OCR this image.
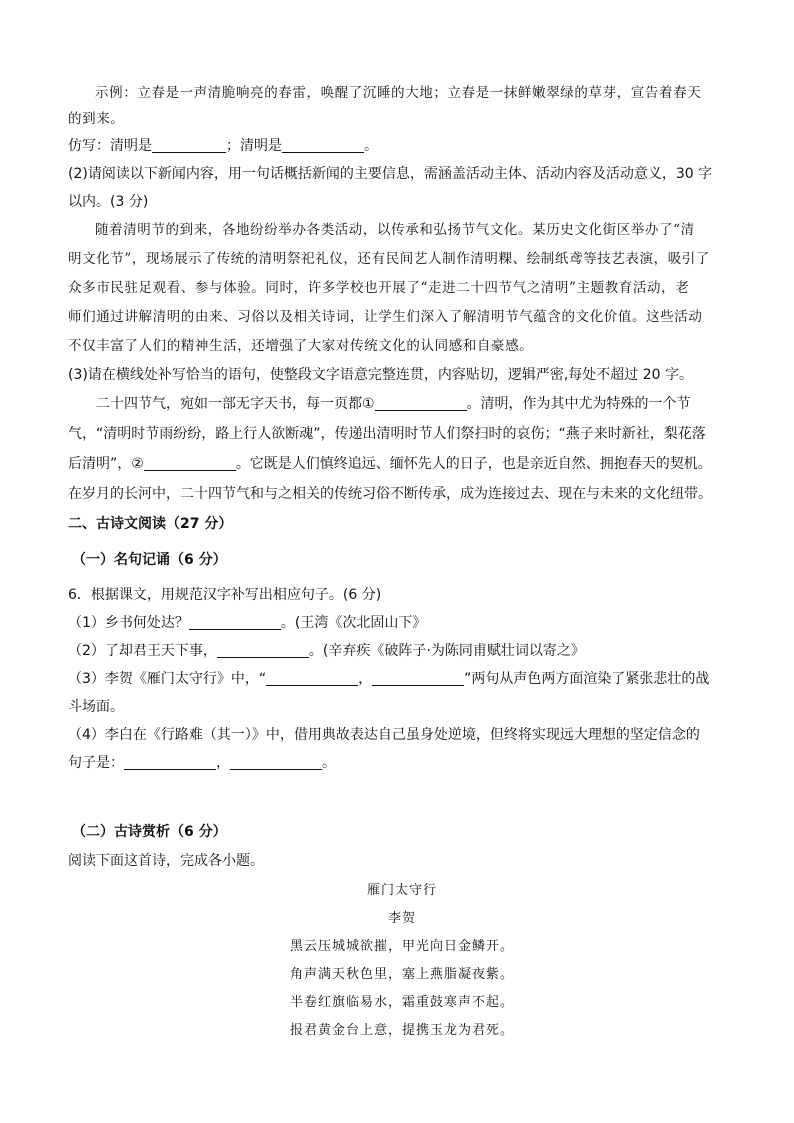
示例：立春是一声清脆响亮的春雷，唤醒了沉睡的大地；立春是一抹鲜嫩翠绿的草芽，宣告着春天

的到来。

仿写：清明是	；清明是	。

(2)请阅读以下新闻内容，用一句话概括新闻的主要信息，需涵盖活动主体、活动内容及活动意义，30 字

以内。(3 分)

随着清明节的到来，各地纷纷举办各类活动，以传承和弘扬节气文化。某历史文化街区举办了“清

明文化节”，现场展示了传统的清明祭祀礼仪，还有民间艺人制作清明粿、绘制纸鸢等技艺表演，吸引了

众多市民驻足观看、参与体验。同时，许多学校也开展了“走进二十四节气之清明”主题教育活动，老

师们通过讲解清明的由来、习俗以及相关诗词，让学生们深入了解清明节气蕴含的文化价值。这些活动

不仅丰富了人们的精神生活，还增强了大家对传统文化的认同感和自豪感。

(3)请在横线处补写恰当的语句，使整段文字语意完整连贯，内容贴切，逻辑严密,每处不超过 20 字。

二十四节气，宛如一部无字天书，每一页都①	。清明，作为其中尤为特殊的一个节

气，“清明时节雨纷纷，路上行人欲断魂”，传递出清明时节人们祭扫时的哀伤；“燕子来时新社，梨花落

后清明”，②	。它既是人们慎终追远、缅怀先人的日子，也是亲近自然、拥抱春天的契机。

在岁月的长河中，二十四节气和与之相关的传统习俗不断传承，成为连接过去、现在与未来的文化纽带。

二、古诗文阅读（27 分）

（一）名句记诵（6 分）

6．根据课文，用规范汉字补写出相应句子。(6 分)

（1）乡书何处达？	。(王湾《次北固山下》

（2）了却君王天下事，	。(辛弃疾《破阵子·为陈同甫赋壮词以寄之》

（3）李贺《雁门太守行》中，“	，	”两句从声色两方面渲染了紧张悲壮的战

斗场面。

（4）李白在《行路难（其一）》中，借用典故表达自己虽身处逆境，但终将实现远大理想的坚定信念的

句子是：	，	。

（二）古诗赏析（6 分）

阅读下面这首诗，完成各小题。

雁门太守行

李贺

黑云压城城欲摧，甲光向日金鳞开。

角声满天秋色里，塞上燕脂凝夜紫。

半卷红旗临易水，霜重鼓寒声不起。

报君黄金台上意，提携玉龙为君死。
